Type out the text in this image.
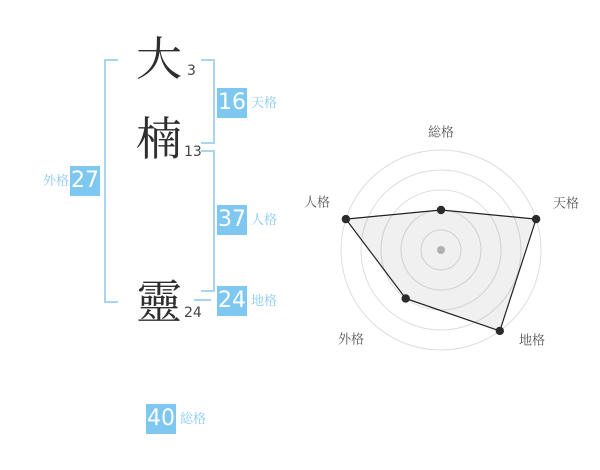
大 3
楠 13
靈 24
16 天格
37 人格
24 地格
27
外格
40 総格
総格
天格
地格
外格
人格
